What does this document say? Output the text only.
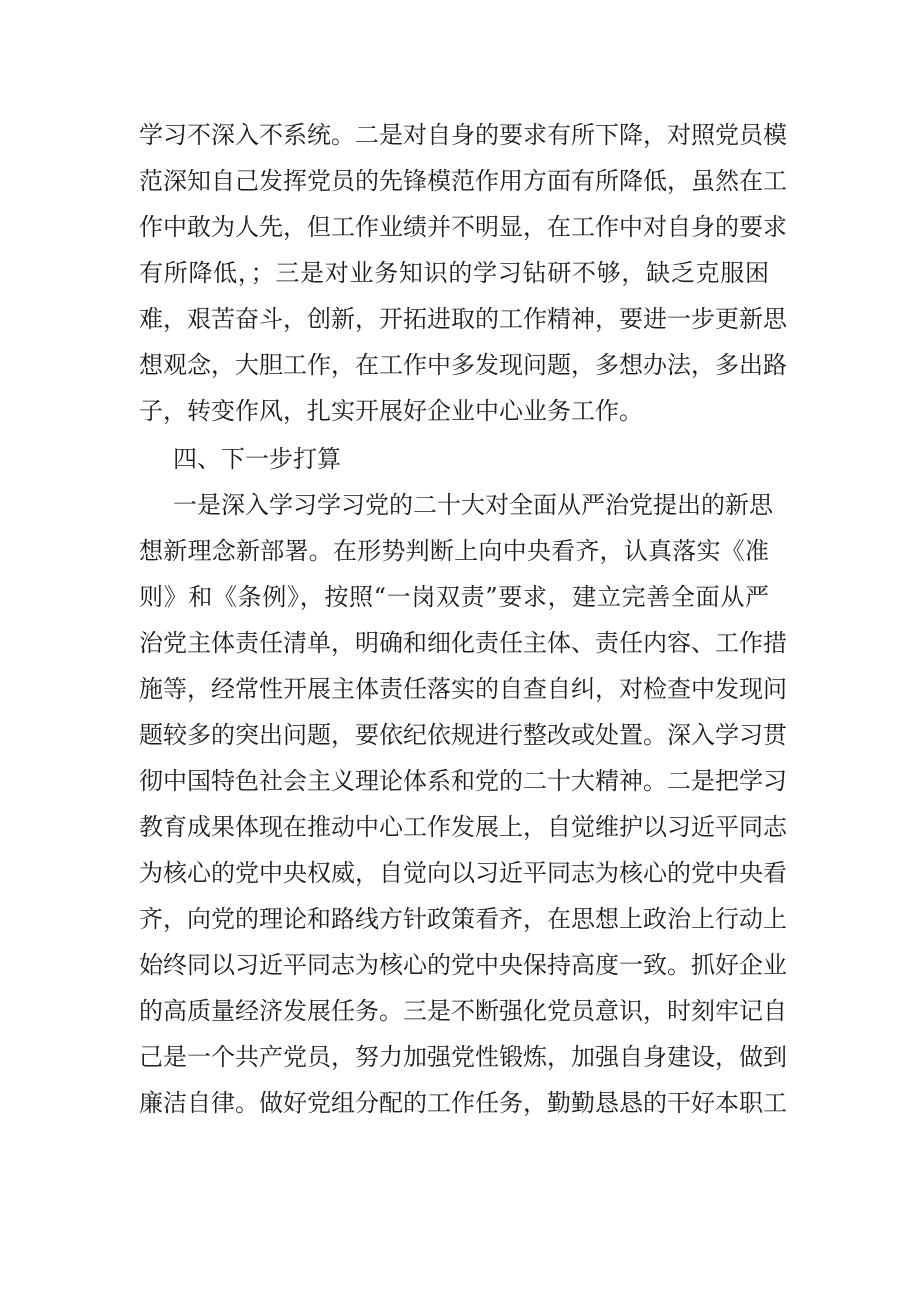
学习不深入不系统。二是对自身的要求有所下降，对照党员模
范深知自己发挥党员的先锋模范作用方面有所降低，虽然在工
作中敢为人先，但工作业绩并不明显，在工作中对自身的要求
有所降低，；三是对业务知识的学习钻研不够，缺乏克服困
难，艰苦奋斗，创新，开拓进取的工作精神，要进一步更新思
想观念，大胆工作，在工作中多发现问题，多想办法，多出路
子，转变作风，扎实开展好企业中心业务工作。
四、下一步打算
一是深入学习学习党的二十大对全面从严治党提出的新思
想新理念新部署。在形势判断上向中央看齐，认真落实《准
则》和《条例》，按照“一岗双责”要求，建立完善全面从严
治党主体责任清单，明确和细化责任主体、责任内容、工作措
施等，经常性开展主体责任落实的自查自纠，对检查中发现问
题较多的突出问题，要依纪依规进行整改或处置。深入学习贯
彻中国特色社会主义理论体系和党的二十大精神。二是把学习
教育成果体现在推动中心工作发展上，自觉维护以习近平同志
为核心的党中央权威，自觉向以习近平同志为核心的党中央看
齐，向党的理论和路线方针政策看齐，在思想上政治上行动上
始终同以习近平同志为核心的党中央保持高度一致。抓好企业
的高质量经济发展任务。三是不断强化党员意识，时刻牢记自
己是一个共产党员，努力加强党性锻炼，加强自身建设，做到
廉洁自律。做好党组分配的工作任务，勤勤恳恳的干好本职工
